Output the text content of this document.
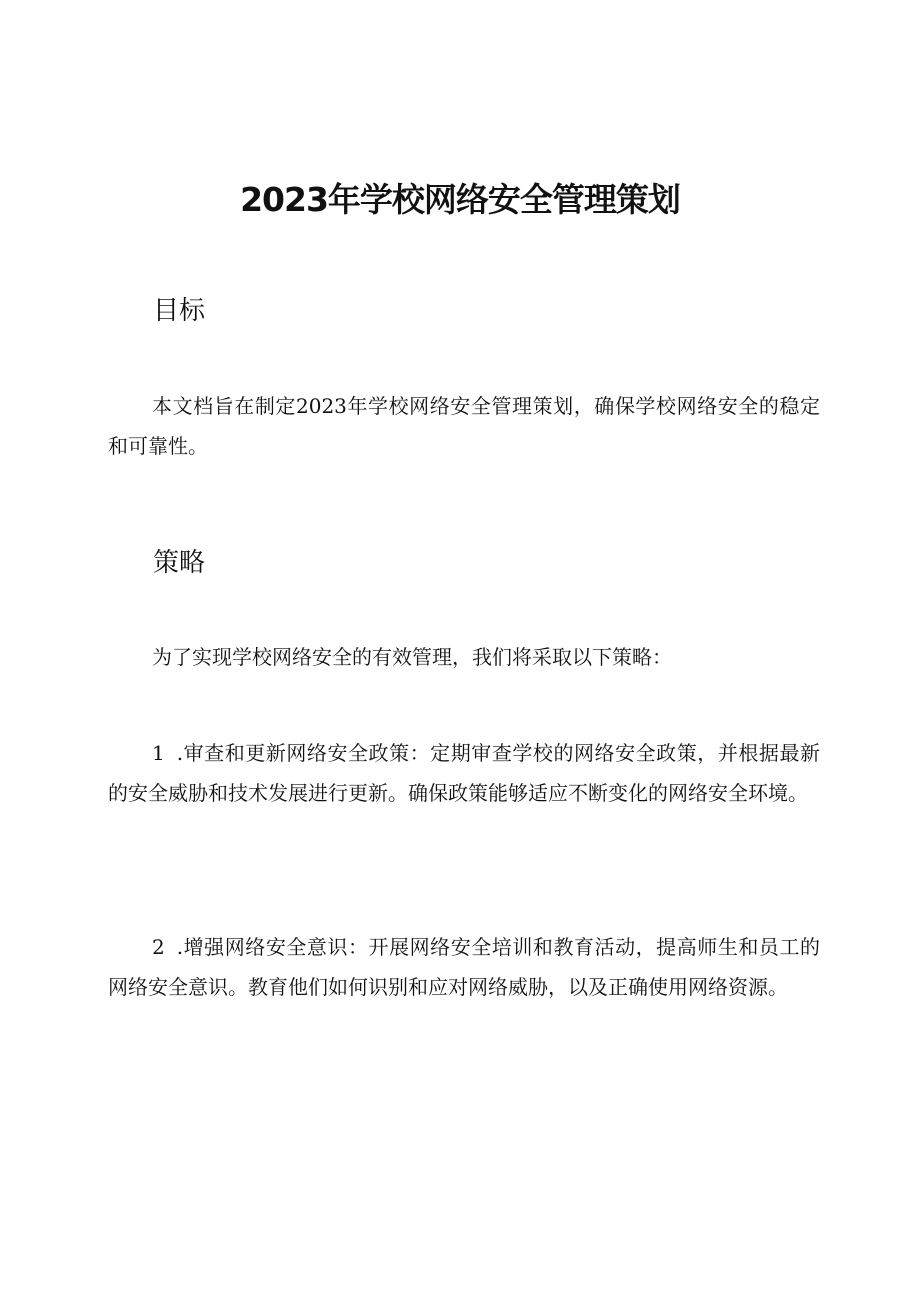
2023年学校网络安全管理策划
目标
本文档旨在制定2023年学校网络安全管理策划，确保学校网络安全的稳定和可靠性。
策略
为了实现学校网络安全的有效管理，我们将采取以下策略：
1 .审查和更新网络安全政策：定期审查学校的网络安全政策，并根据最新的安全威胁和技术发展进行更新。确保政策能够适应不断变化的网络安全环境。
2 .增强网络安全意识：开展网络安全培训和教育活动，提高师生和员工的网络安全意识。教育他们如何识别和应对网络威胁，以及正确使用网络资源。
